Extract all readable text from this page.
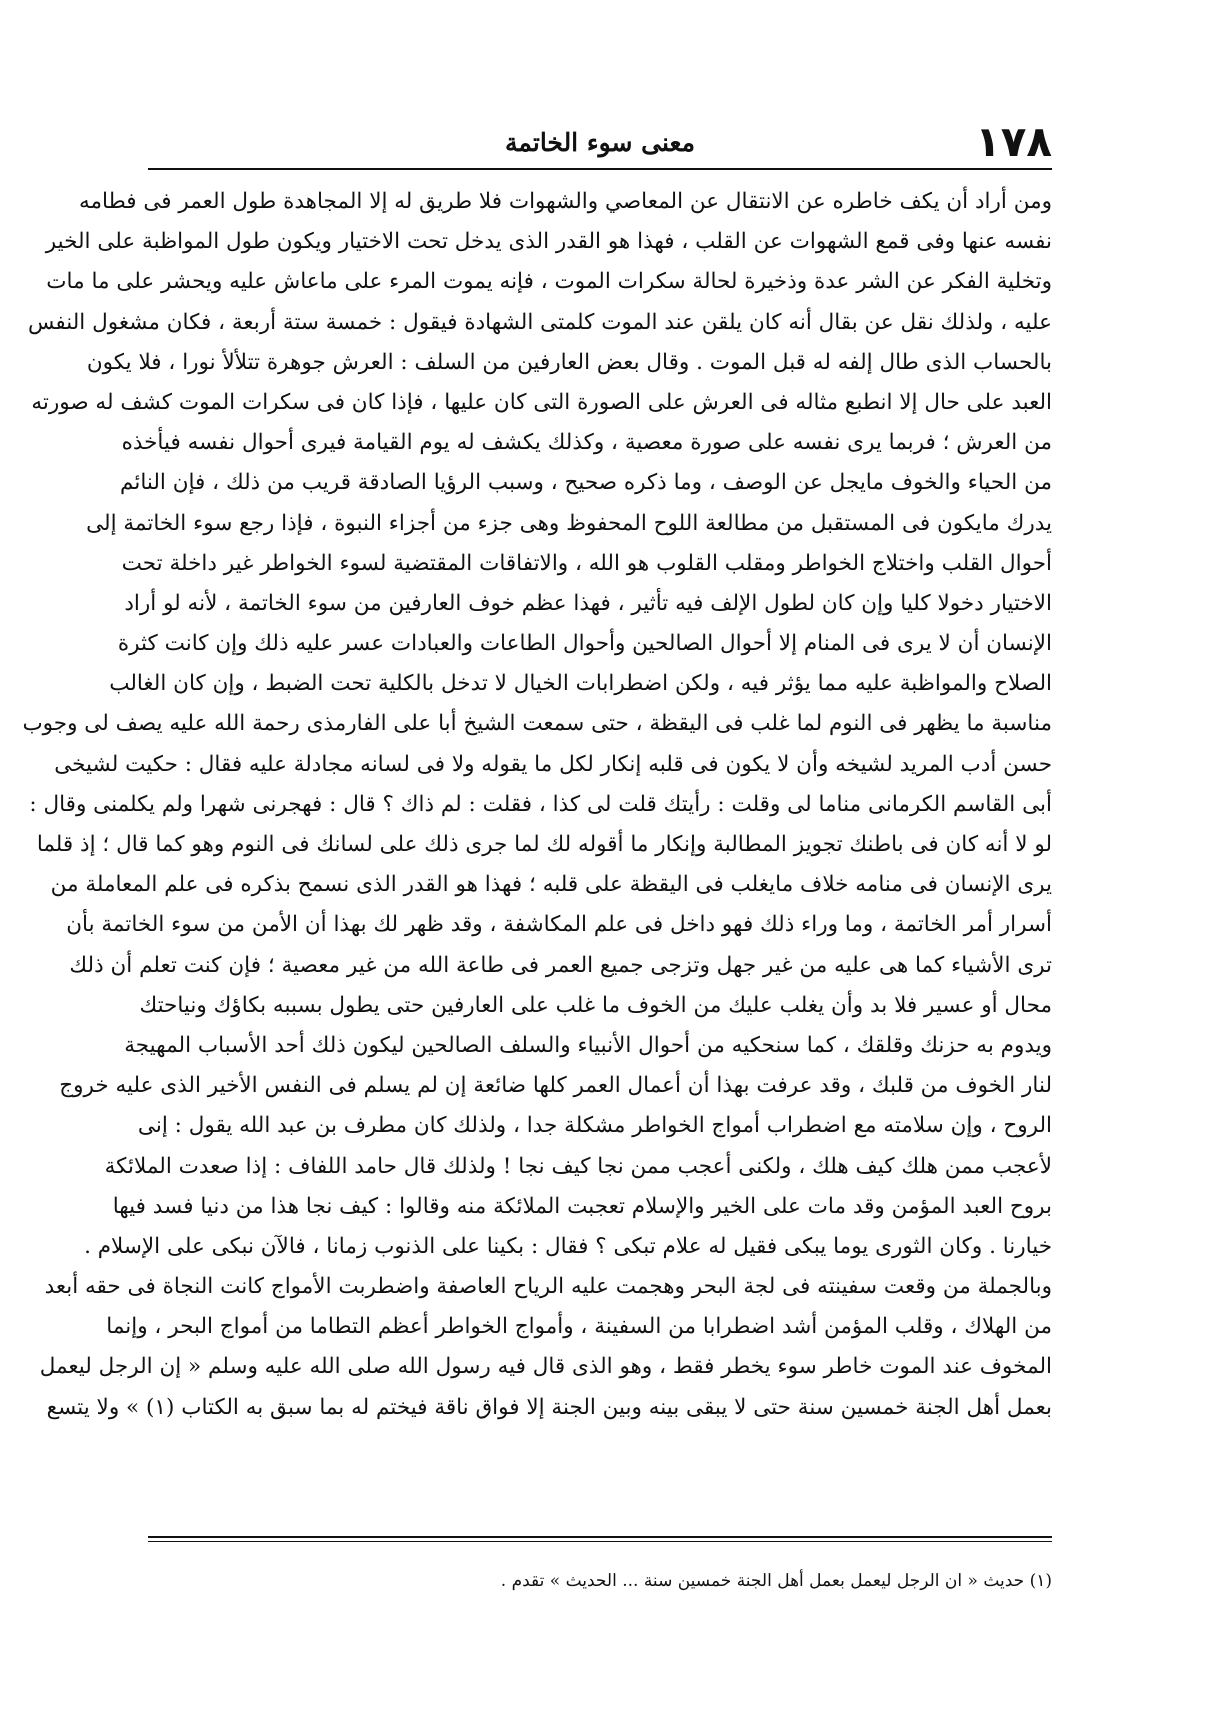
١٧٨
معنى سوء الخاتمة
ومن أراد أن يكف خاطره عن الانتقال عن المعاصي والشهوات فلا طريق له إلا المجاهدة طول العمر فى فطامه
نفسه عنها وفى قمع الشهوات عن القلب ، فهذا هو القدر الذى يدخل تحت الاختيار ويكون طول المواظبة على الخير
وتخلية الفكر عن الشر عدة وذخيرة لحالة سكرات الموت ، فإنه يموت المرء على ماعاش عليه ويحشر على ما مات
عليه ، ولذلك نقل عن بقال أنه كان يلقن عند الموت كلمتى الشهادة فيقول : خمسة ستة أربعة ، فكان مشغول النفس
بالحساب الذى طال إلفه له قبل الموت . وقال بعض العارفين من السلف : العرش جوهرة تتلألأ نورا ، فلا يكون
العبد على حال إلا انطبع مثاله فى العرش على الصورة التى كان عليها ، فإذا كان فى سكرات الموت كشف له صورته
من العرش ؛ فربما يرى نفسه على صورة معصية ، وكذلك يكشف له يوم القيامة فيرى أحوال نفسه فيأخذه
من الحياء والخوف مايجل عن الوصف ، وما ذكره صحيح ، وسبب الرؤيا الصادقة قريب من ذلك ، فإن النائم
يدرك مايكون فى المستقبل من مطالعة اللوح المحفوظ وهى جزء من أجزاء النبوة ، فإذا رجع سوء الخاتمة إلى
أحوال القلب واختلاج الخواطر ومقلب القلوب هو الله ، والاتفاقات المقتضية لسوء الخواطر غير داخلة تحت
الاختيار دخولا كليا وإن كان لطول الإلف فيه تأثير ، فهذا عظم خوف العارفين من سوء الخاتمة ، لأنه لو أراد
الإنسان أن لا يرى فى المنام إلا أحوال الصالحين وأحوال الطاعات والعبادات عسر عليه ذلك وإن كانت كثرة
الصلاح والمواظبة عليه مما يؤثر فيه ، ولكن اضطرابات الخيال لا تدخل بالكلية تحت الضبط ، وإن كان الغالب
مناسبة ما يظهر فى النوم لما غلب فى اليقظة ، حتى سمعت الشيخ أبا على الفارمذى رحمة الله عليه يصف لى وجوب
حسن أدب المريد لشيخه وأن لا يكون فى قلبه إنكار لكل ما يقوله ولا فى لسانه مجادلة عليه فقال : حكيت لشيخى
أبى القاسم الكرمانى مناما لى وقلت : رأيتك قلت لى كذا ، فقلت : لم ذاك ؟ قال : فهجرنى شهرا ولم يكلمنى وقال :
لو لا أنه كان فى باطنك تجويز المطالبة وإنكار ما أقوله لك لما جرى ذلك على لسانك فى النوم وهو كما قال ؛ إذ قلما
يرى الإنسان فى منامه خلاف مايغلب فى اليقظة على قلبه ؛ فهذا هو القدر الذى نسمح بذكره فى علم المعاملة من
أسرار أمر الخاتمة ، وما وراء ذلك فهو داخل فى علم المكاشفة ، وقد ظهر لك بهذا أن الأمن من سوء الخاتمة بأن
ترى الأشياء كما هى عليه من غير جهل وتزجى جميع العمر فى طاعة الله من غير معصية ؛ فإن كنت تعلم أن ذلك
محال أو عسير فلا بد وأن يغلب عليك من الخوف ما غلب على العارفين حتى يطول بسببه بكاؤك ونياحتك
ويدوم به حزنك وقلقك ، كما سنحكيه من أحوال الأنبياء والسلف الصالحين ليكون ذلك أحد الأسباب المهيجة
لنار الخوف من قلبك ، وقد عرفت بهذا أن أعمال العمر كلها ضائعة إن لم يسلم فى النفس الأخير الذى عليه خروج
الروح ، وإن سلامته مع اضطراب أمواج الخواطر مشكلة جدا ، ولذلك كان مطرف بن عبد الله يقول : إنى
لأعجب ممن هلك كيف هلك ، ولكنى أعجب ممن نجا كيف نجا ! ولذلك قال حامد اللفاف : إذا صعدت الملائكة
بروح العبد المؤمن وقد مات على الخير والإسلام تعجبت الملائكة منه وقالوا : كيف نجا هذا من دنيا فسد فيها
خيارنا . وكان الثورى يوما يبكى فقيل له علام تبكى ؟ فقال : بكينا على الذنوب زمانا ، فالآن نبكى على الإسلام .
وبالجملة من وقعت سفينته فى لجة البحر وهجمت عليه الرياح العاصفة واضطربت الأمواج كانت النجاة فى حقه أبعد
من الهلاك ، وقلب المؤمن أشد اضطرابا من السفينة ، وأمواج الخواطر أعظم التطاما من أمواج البحر ، وإنما
المخوف عند الموت خاطر سوء يخطر فقط ، وهو الذى قال فيه رسول الله صلى الله عليه وسلم « إن الرجل ليعمل
بعمل أهل الجنة خمسين سنة حتى لا يبقى بينه وبين الجنة إلا فواق ناقة فيختم له بما سبق به الكتاب (١) » ولا يتسع
(١) حديث « ان الرجل ليعمل بعمل أهل الجنة خمسين سنة ... الحديث » تقدم .
